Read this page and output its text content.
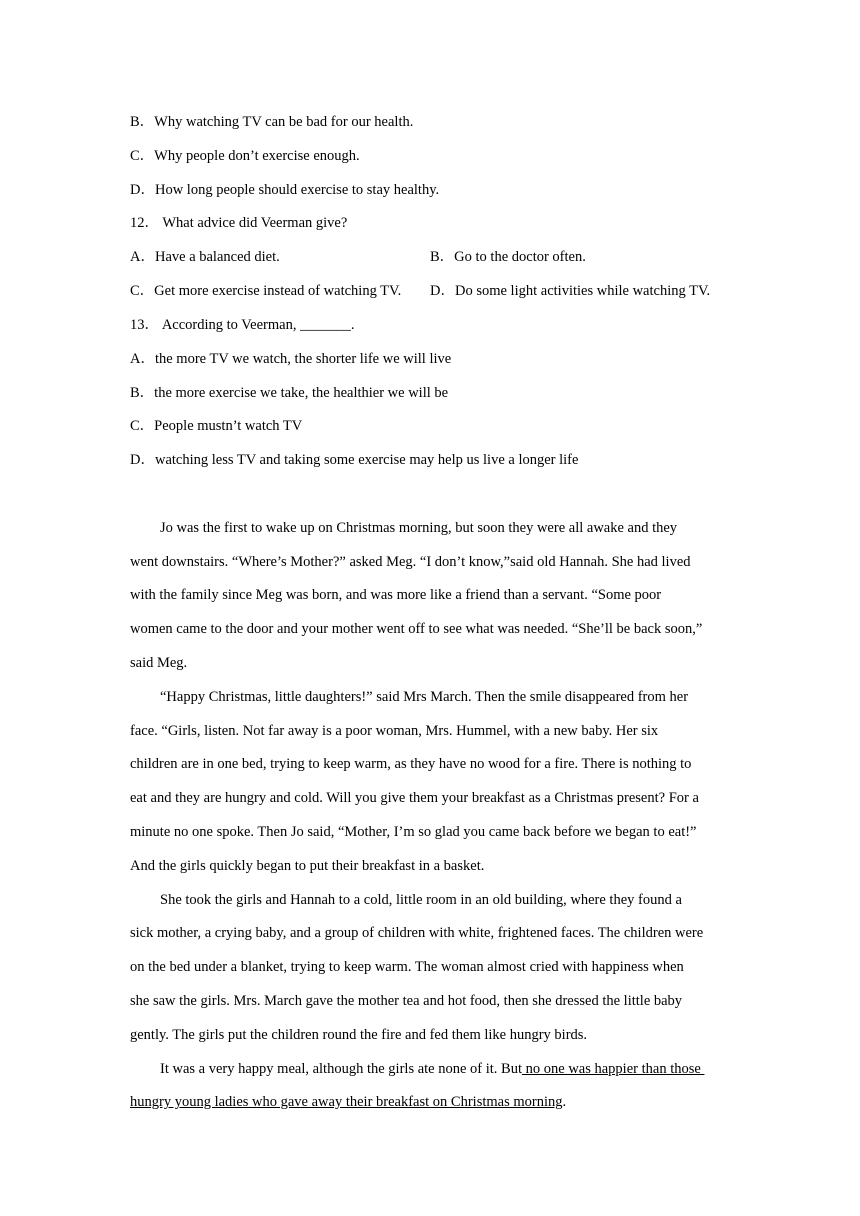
B．Why watching TV can be bad for our health.
C．Why people don’t exercise enough.
D．How long people should exercise to stay healthy.
12． What advice did Veerman give?
A．Have a balanced diet.	B．Go to the doctor often.
C．Get more exercise instead of watching TV. D．Do some light activities while watching TV.
13． According to Veerman, _______.
A．the more TV we watch, the shorter life we will live
B．the more exercise we take, the healthier we will be
C．People mustn’t watch TV
D．watching less TV and taking some exercise may help us live a longer life
Jo was the first to wake up on Christmas morning, but soon they were all awake and they
went downstairs. “Where’s Mother?” asked Meg. “I don’t know,”said old Hannah. She had lived
with the family since Meg was born, and was more like a friend than a servant. “Some poor
women came to the door and your mother went off to see what was needed. “She’ll be back soon,”
said Meg.
“Happy Christmas, little daughters!” said Mrs March. Then the smile disappeared from her
face. “Girls, listen. Not far away is a poor woman, Mrs. Hummel, with a new baby. Her six
children are in one bed, trying to keep warm, as they have no wood for a fire. There is nothing to
eat and they are hungry and cold. Will you give them your breakfast as a Christmas present? For a
minute no one spoke. Then Jo said, “Mother, I’m so glad you came back before we began to eat!”
And the girls quickly began to put their breakfast in a basket.
She took the girls and Hannah to a cold, little room in an old building, where they found a
sick mother, a crying baby, and a group of children with white, frightened faces. The children were
on the bed under a blanket, trying to keep warm. The woman almost cried with happiness when
she saw the girls. Mrs. March gave the mother tea and hot food, then she dressed the little baby
gently. The girls put the children round the fire and fed them like hungry birds.
It was a very happy meal, although the girls ate none of it. But no one was happier than those
hungry young ladies who gave away their breakfast on Christmas morning.
